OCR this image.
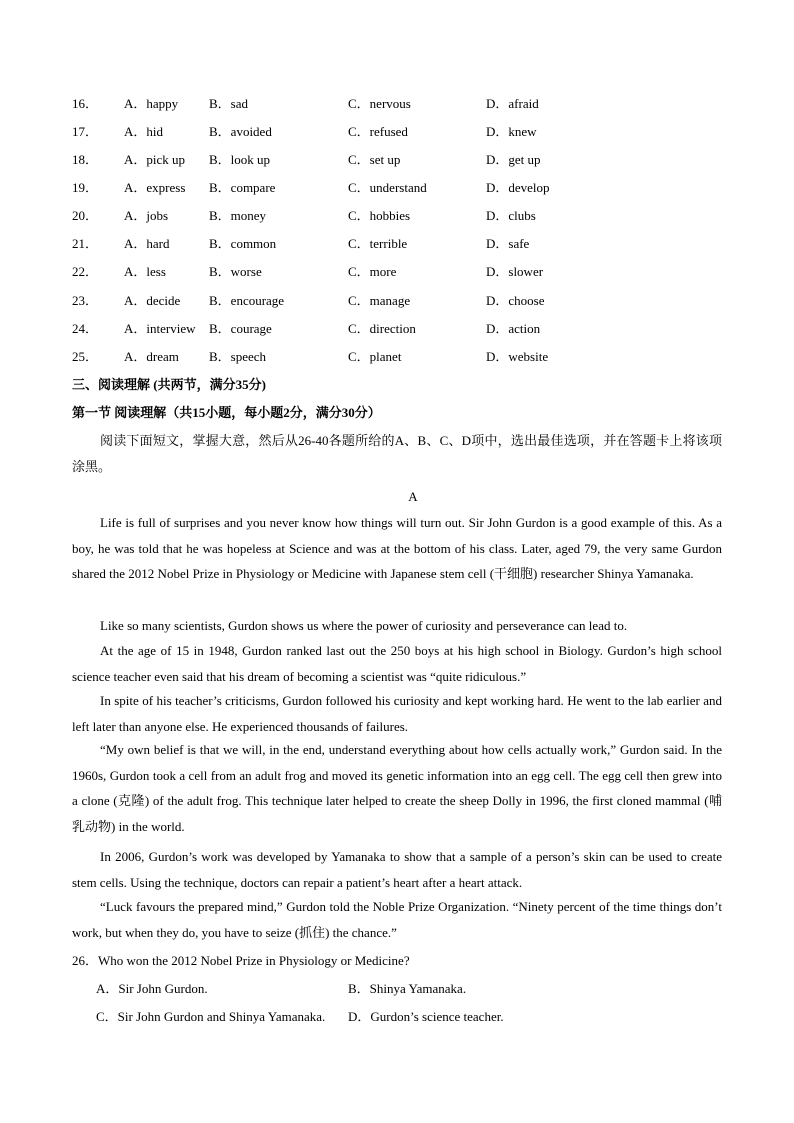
16． A．happy B．sad	C．nervous	D．afraid
17． A．hid	B．avoided	C．refused	D．knew
18． A．pick up B．look up	C．set up	D．get up
19． A．express B．compare	C．understand	D．develop
20． A．jobs	B．money	C．hobbies	D．clubs
21． A．hard	B．common	C．terrible	D．safe
22． A．less	B．worse	C．more	D．slower
23． A．decide B．encourage	C．manage	D．choose
24． A．interview B．courage	C．direction	D．action
25． A．dream B．speech	C．planet	D．website
三、阅读理解 (共两节，满分35分)
第一节 阅读理解（共15小题，每小题2分，满分30分）

阅读下面短文，掌握大意，然后从26-40各题所给的A、B、C、D项中，选出最佳选项，并在答题卡上将该项涂黑。

A

Life is full of surprises and you never know how things will turn out. Sir John Gurdon is a good example of this. As a boy, he was told that he was hopeless at Science and was at the bottom of his class. Later, aged 79, the very same Gurdon shared the 2012 Nobel Prize in Physiology or Medicine with Japanese stem cell (干细胞) researcher Shinya Yamanaka.

Like so many scientists, Gurdon shows us where the power of curiosity and perseverance can lead to.

At the age of 15 in 1948, Gurdon ranked last out the 250 boys at his high school in Biology. Gurdon’s high school science teacher even said that his dream of becoming a scientist was “quite ridiculous.”

In spite of his teacher’s criticisms, Gurdon followed his curiosity and kept working hard. He went to the lab earlier and left later than anyone else. He experienced thousands of failures.

“My own belief is that we will, in the end, understand everything about how cells actually work,” Gurdon said. In the 1960s, Gurdon took a cell from an adult frog and moved its genetic information into an egg cell. The egg cell then grew into a clone (克隆) of the adult frog. This technique later helped to create the sheep Dolly in 1996, the first cloned mammal (哺乳动物) in the world.

In 2006, Gurdon’s work was developed by Yamanaka to show that a sample of a person’s skin can be used to create stem cells. Using the technique, doctors can repair a patient’s heart after a heart attack.

“Luck favours the prepared mind,” Gurdon told the Noble Prize Organization. “Ninety percent of the time things don’t work, but when they do, you have to seize (抓住) the chance.”

26．Who won the 2012 Nobel Prize in Physiology or Medicine?
A．Sir John Gurdon.	B．Shinya Yamanaka.
C．Sir John Gurdon and Shinya Yamanaka. D．Gurdon’s science teacher.
